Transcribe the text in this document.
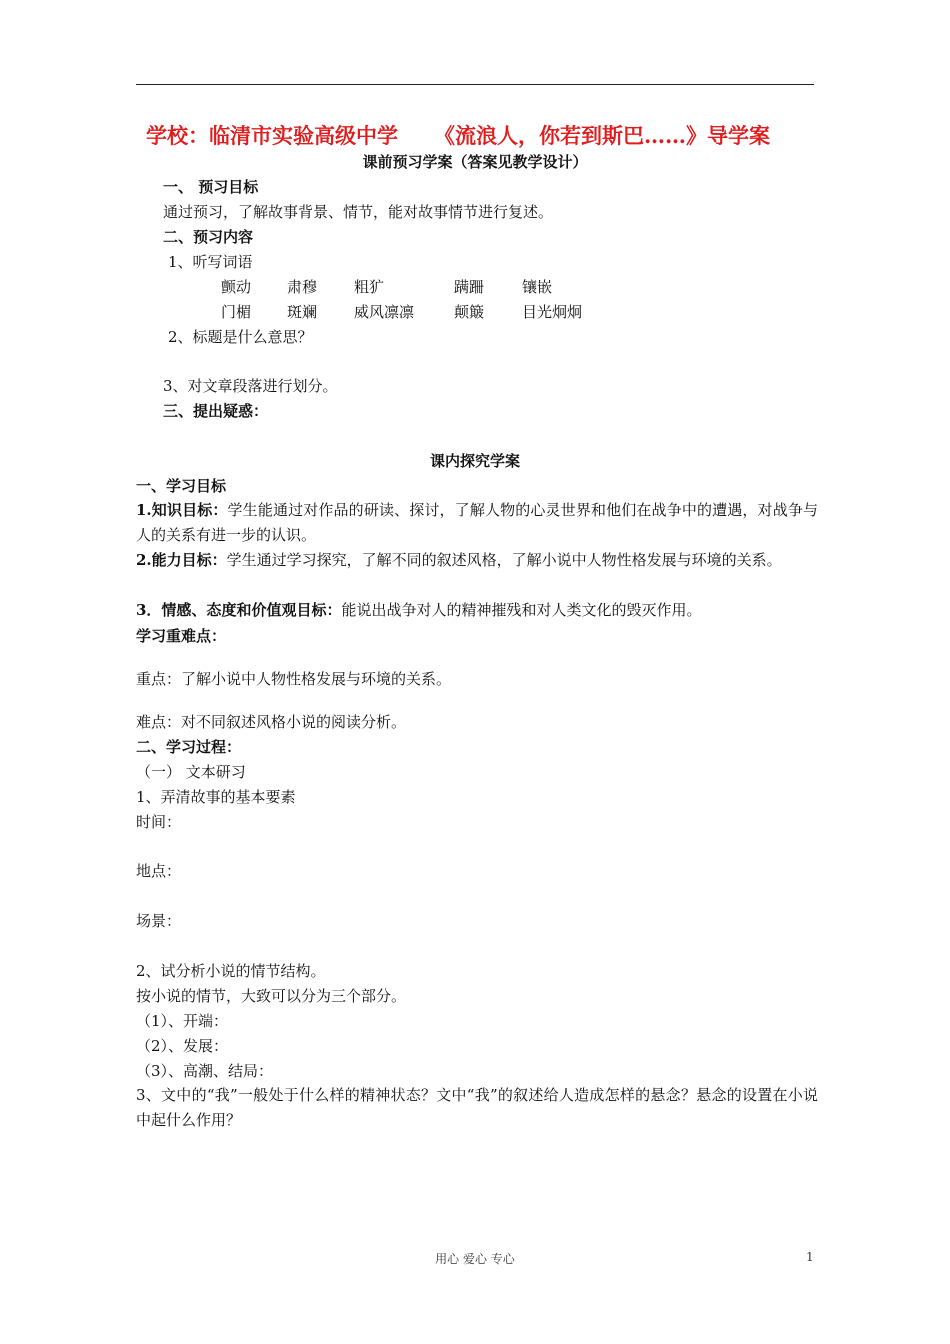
学校：临清市实验高级中学 《流浪人，你若到斯巴……》导学案
课前预习学案（答案见教学设计）
一、 预习目标
通过预习，了解故事背景、情节，能对故事情节进行复述。
二、预习内容
1、听写词语
颤动 肃穆 粗犷	蹒跚	镶嵌
门楣 斑斓 威风凛凛	颠簸	目光炯炯
2、标题是什么意思？
3、对文章段落进行划分。
三、提出疑惑：
课内探究学案
一、学习目标
1.知识目标：学生能通过对作品的研读、探讨，了解人物的心灵世界和他们在战争中的遭遇，对战争与人的关系有进一步的认识。
2.能力目标：学生通过学习探究，了解不同的叙述风格，了解小说中人物性格发展与环境的关系。
3．情感、态度和价值观目标：能说出战争对人的精神摧残和对人类文化的毁灭作用。
学习重难点：
重点：了解小说中人物性格发展与环境的关系。
难点：对不同叙述风格小说的阅读分析。
二、学习过程：
（一） 文本研习
1、弄清故事的基本要素
时间：
地点：
场景：
2、试分析小说的情节结构。
按小说的情节，大致可以分为三个部分。
（1）、开端：
（2）、发展：
（3）、高潮、结局：
3、文中的“我”一般处于什么样的精神状态？文中“我”的叙述给人造成怎样的悬念？悬念的设置在小说中起什么作用？
用心 爱心 专心	1
